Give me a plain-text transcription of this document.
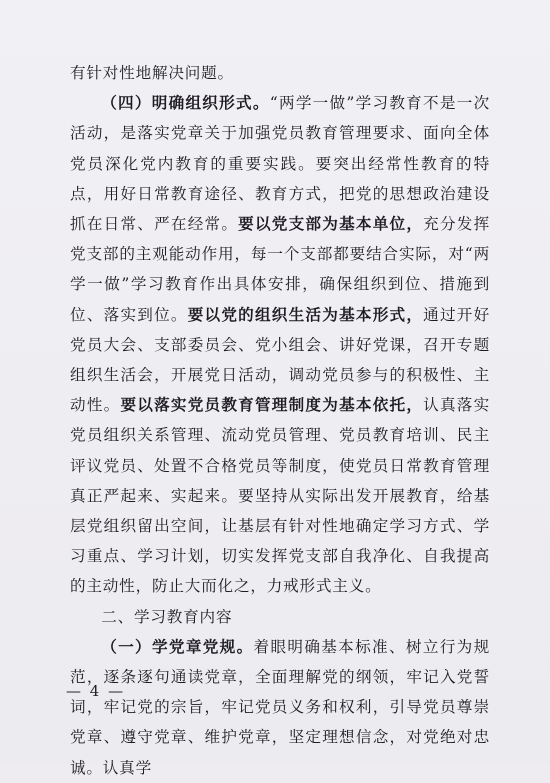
有针对性地解决问题。

（四）明确组织形式。“两学一做”学习教育不是一次活动，是落实党章关于加强党员教育管理要求、面向全体党员深化党内教育的重要实践。要突出经常性教育的特点，用好日常教育途径、教育方式，把党的思想政治建设抓在日常、严在经常。要以党支部为基本单位，充分发挥党支部的主观能动作用，每一个支部都要结合实际，对“两学一做”学习教育作出具体安排，确保组织到位、措施到位、落实到位。要以党的组织生活为基本形式，通过开好党员大会、支部委员会、党小组会、讲好党课，召开专题组织生活会，开展党日活动，调动党员参与的积极性、主动性。要以落实党员教育管理制度为基本依托，认真落实党员组织关系管理、流动党员管理、党员教育培训、民主评议党员、处置不合格党员等制度，使党员日常教育管理真正严起来、实起来。要坚持从实际出发开展教育，给基层党组织留出空间，让基层有针对性地确定学习方式、学习重点、学习计划，切实发挥党支部自我净化、自我提高的主动性，防止大而化之，力戒形式主义。

二、学习教育内容

（一）学党章党规。着眼明确基本标准、树立行为规范，逐条逐句通读党章，全面理解党的纲领，牢记入党誓词，牢记党的宗旨，牢记党员义务和权利，引导党员尊崇党章、遵守党章、维护党章，坚定理想信念，对党绝对忠诚。认真学

— 4 —
